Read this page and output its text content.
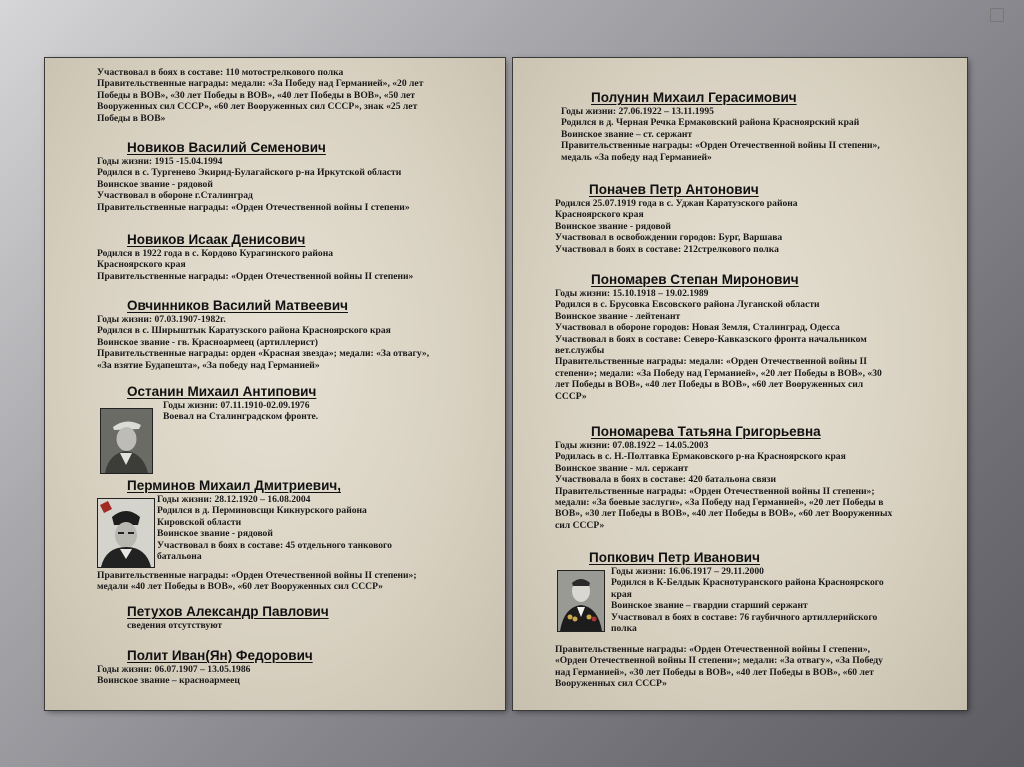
Участвовал в боях в составе: 110 мотострелкового полка
Правительственные награды: медали: «За Победу над Германией», «20 лет
Победы в ВОВ», «30 лет Победы в ВОВ», «40 лет Победы в ВОВ», «50 лет
Вооруженных сил СССР», «60 лет Вооруженных сил СССР», знак «25 лет
Победы в ВОВ»
Новиков Василий Семенович
Годы жизни: 1915 -15.04.1994
Родился в с. Тургенево Экирид-Булагайского р-на Иркутской области
Воинское звание - рядовой
Участвовал в обороне г.Сталинград
Правительственные награды: «Орден Отечественной войны I степени»
Новиков Исаак Денисович
Родился в 1922 года в с. Кордово Курагинского района
Красноярского края
Правительственные награды: «Орден Отечественной войны II степени»
Овчинников Василий Матвеевич
Годы жизни: 07.03.1907-1982г.
Родился в с. Ширыштык Каратузского района Красноярского края
Воинское звание - гв. Красноармеец (артиллерист)
Правительственные награды: орден «Красная звезда»; медали: «За отвагу»,
«За взятие Будапешта», «За победу над Германией»
Останин Михаил Антипович
Годы жизни: 07.11.1910-02.09.1976
Воевал на Сталинградском фронте.
Перминов Михаил Дмитриевич,
Годы жизни: 28.12.1920 – 16.08.2004
Родился в д. Перминовсщи Кикнурского района
Кировской области
Воинское звание - рядовой
Участвовал в боях в составе: 45 отдельного танкового
батальона
Правительственные награды: «Орден Отечественной войны II степени»;
медали «40 лет Победы в ВОВ», «60 лет Вооруженных сил СССР»
Петухов Александр Павлович
сведения отсутствуют
Полит Иван(Ян) Федорович
Годы жизни: 06.07.1907 – 13.05.1986
Воинское звание – красноармеец
Полунин Михаил Герасимович
Годы жизни: 27.06.1922 – 13.11.1995
Родился в д. Черная Речка Ермаковский района Красноярский край
Воинское звание – ст. сержант
Правительственные награды: «Орден Отечественной войны II степени»,
медаль «За победу над Германией»
Поначев Петр Антонович
Родился 25.07.1919 года в с. Уджан Каратузского района
Красноярского края
Воинское звание - рядовой
Участвовал в освобождении городов: Бург, Варшава
Участвовал в боях в составе: 212стрелкового полка
Пономарев Степан Миронович
Годы жизни: 15.10.1918 – 19.02.1989
Родился в с. Брусовка Евсовского района Луганской области
Воинское звание - лейтенант
Участвовал в обороне городов: Новая Земля, Сталинград, Одесса
Участвовал в боях в составе: Северо-Кавказского фронта начальником
вет.службы
Правительственные награды: медали: «Орден Отечественной войны II
степени»; медали: «За Победу над Германией», «20 лет Победы в ВОВ», «30
лет Победы в ВОВ», «40 лет Победы в ВОВ», «60 лет Вооруженных сил
СССР»
Пономарева Татьяна Григорьевна
Годы жизни: 07.08.1922 – 14.05.2003
Родилась в с. Н.-Полтавка Ермаковского р-на Красноярского края
Воинское звание - мл. сержант
Участвовала в боях в составе: 420 батальона связи
Правительственные награды: «Орден Отечественной войны II степени»;
медали: «За боевые заслуги», «За Победу над Германией», «20 лет Победы в
ВОВ», «30 лет Победы в ВОВ», «40 лет Победы в ВОВ», «60 лет Вооруженных
сил СССР»
Попкович Петр Иванович
Годы жизни: 16.06.1917 – 29.11.2000
Родился в К-Белдык Краснотуранского района Красноярского
края
Воинское звание – гвардии старший сержант
Участвовал в боях в составе: 76 гаубичного артиллерийского
полка
Правительственные награды: «Орден Отечественной войны I степени»,
«Орден Отечественной войны II степени»; медали: «За отвагу», «За Победу
над Германией», «30 лет Победы в ВОВ», «40 лет Победы в ВОВ», «60 лет
Вооруженных сил СССР»
